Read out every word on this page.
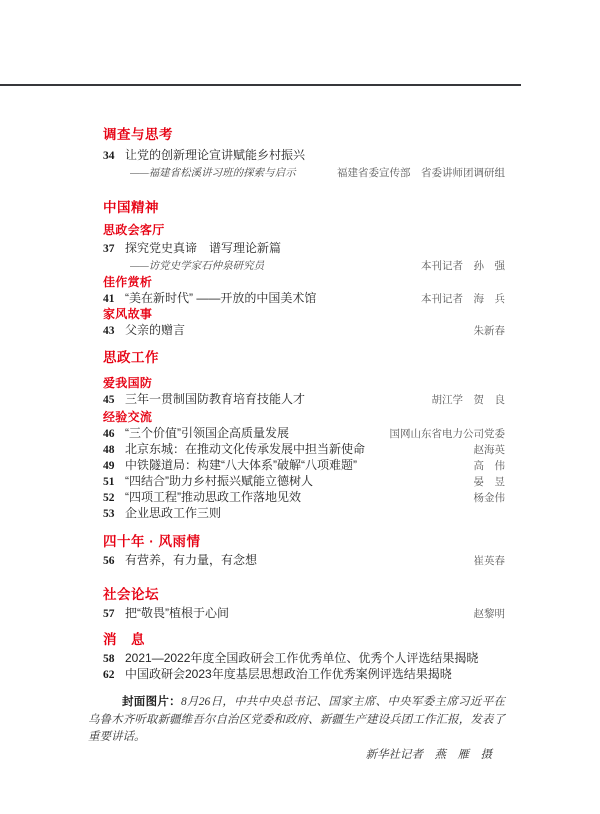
调查与思考
34 让党的创新理论宣讲赋能乡村振兴
——福建省松溪讲习班的探索与启示	福建省委宣传部　省委讲师团调研组
中国精神
思政会客厅
37 探究党史真谛　谱写理论新篇
——访党史学家石仲泉研究员	本刊记者　孙　强
佳作赏析
41 “美在新时代” ——开放的中国美术馆	本刊记者　海　兵
家风故事
43 父亲的赠言	朱新春
思政工作
爱我国防
45 三年一贯制国防教育培育技能人才	胡江学　贺　良
经验交流
46 “三个价值”引领国企高质量发展	国网山东省电力公司党委
48 北京东城：在推动文化传承发展中担当新使命	赵海英
49 中铁隧道局：构建“八大体系”破解“八项难题”	高　伟
51 “四结合”助力乡村振兴赋能立德树人	晏　昱
52 “四项工程”推动思政工作落地见效	杨金伟
53 企业思政工作三则
四十年 · 风雨情
56 有营养，有力量，有念想	崔英春
社会论坛
57 把“敬畏”植根于心间	赵黎明
消　息
58 2021—2022年度全国政研会工作优秀单位、优秀个人评选结果揭晓
62 中国政研会2023年度基层思想政治工作优秀案例评选结果揭晓

封面图片：8月26日，中共中央总书记、国家主席、中央军委主席习近平在乌鲁木齐听取新疆维吾尔自治区党委和政府、新疆生产建设兵团工作汇报，发表了重要讲话。

新华社记者　燕　雁　摄
